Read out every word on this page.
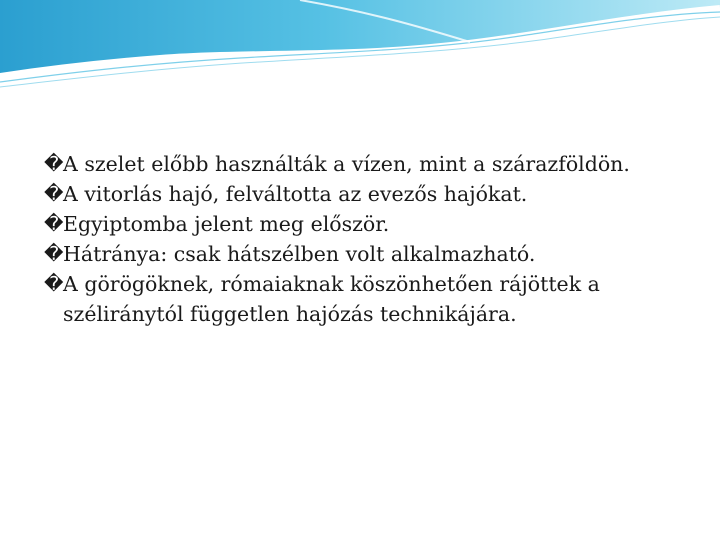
� A szelet előbb használták a vízen, mint a szárazföldön.
� A vitorlás hajó, felváltotta az evezős hajókat.
� Egyiptomba jelent meg először.
� Hátránya: csak hátszélben volt alkalmazható.
� A görögöknek, rómaiaknak köszönhetően rájöttek a széliránytól független hajózás technikájára.
